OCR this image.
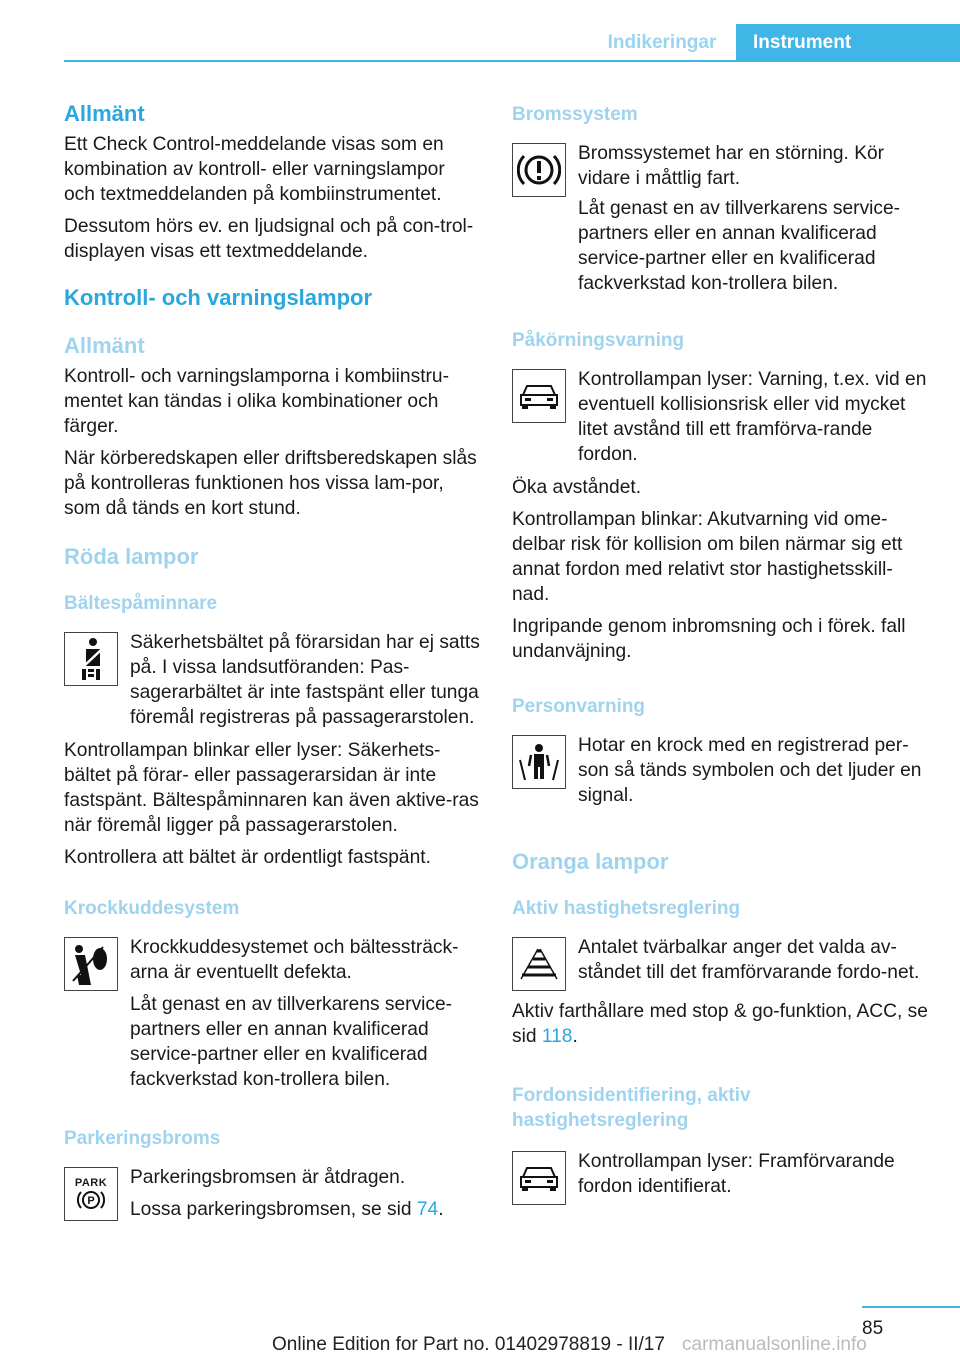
Indikeringar	Instrument
Allmänt

Ett Check Control-meddelande visas som en kombination av kontroll- eller varningslampor och textmeddelanden på kombiinstrumentet.

Dessutom hörs ev. en ljudsignal och på con-trol-displayen visas ett textmeddelande.

Kontroll- och varningslampor
Allmänt

Kontroll- och varningslamporna i kombiinstru-mentet kan tändas i olika kombinationer och färger.

När körberedskapen eller driftsberedskapen slås på kontrolleras funktionen hos vissa lam-por, som då tänds en kort stund.

Röda lampor
Bältespåminnare

Säkerhetsbältet på förarsidan har ej satts på. I vissa landsutföranden: Pas-sagerarbältet är inte fastspänt eller tunga föremål registreras på passagerarstolen.

Kontrollampan blinkar eller lyser: Säkerhets-bältet på förar- eller passagerarsidan är inte fastspänt. Bältespåminnaren kan även aktive-ras när föremål ligger på passagerarstolen.

Kontrollera att bältet är ordentligt fastspänt.

Krockkuddesystem

Krockkuddesystemet och bältessträck-arna är eventuellt defekta.

Låt genast en av tillverkarens service-partners eller en annan kvalificerad service-partner eller en kvalificerad fackverkstad kon-trollera bilen.

Parkeringsbroms
PARK
P

Parkeringsbromsen är åtdragen.

Lossa parkeringsbromsen, se sid 74.

Bromssystem

Bromssystemet har en störning. Kör vidare i måttlig fart.

Låt genast en av tillverkarens service-partners eller en annan kvalificerad service-partner eller en kvalificerad fackverkstad kon-trollera bilen.

Påkörningsvarning

Kontrollampan lyser: Varning, t.ex. vid en eventuell kollisionsrisk eller vid mycket litet avstånd till ett framförva-rande fordon.

Öka avståndet.

Kontrollampan blinkar: Akutvarning vid ome-delbar risk för kollision om bilen närmar sig ett annat fordon med relativt stor hastighetsskill-nad.

Ingripande genom inbromsning och i förek. fall undanväjning.

Personvarning

Hotar en krock med en registrerad per-son så tänds symbolen och det ljuder en signal.

Oranga lampor
Aktiv hastighetsreglering

Antalet tvärbalkar anger det valda av-ståndet till det framförvarande fordo-net.

Aktiv farthållare med stop & go-funktion, ACC, se sid 118.

Fordonsidentifiering, aktiv hastighetsreglering

Kontrollampan lyser: Framförvarande fordon identifierat.

85
Online Edition for Part no. 01402978819 - II/17 carmanualsonline.info
